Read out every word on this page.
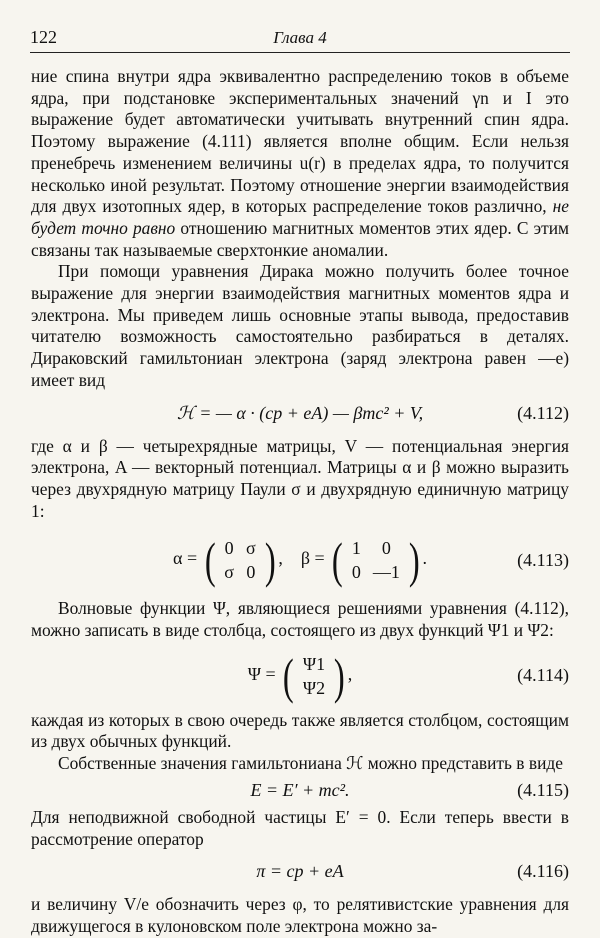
122	Глава 4

ние спина внутри ядра эквивалентно распределению токов в объеме ядра, при подстановке экспериментальных значений γn и I это выражение будет автоматически учитывать внутренний спин ядра. Поэтому выражение (4.111) является вполне общим. Если нельзя пренебречь изменением величины u(r) в пределах ядра, то получится несколько иной результат. Поэтому отношение энергии взаимодействия для двух изотопных ядер, в которых распределение токов различно, не будет точно равно отношению магнитных моментов этих ядер. С этим связаны так называемые сверхтонкие аномалии.

При помощи уравнения Дирака можно получить более точное выражение для энергии взаимодействия магнитных моментов ядра и электрона. Мы приведем лишь основные этапы вывода, предоставив читателю возможность самостоятельно разбираться в деталях. Дираковский гамильтониан электрона (заряд электрона равен —e) имеет вид

ℋ = — α · (cp + eA) — βmc² + V,	(4.112)

где α и β — четырехрядные матрицы, V — потенциальная энергия электрона, A — векторный потенциал. Матрицы α и β можно выразить через двухрядную матрицу Паули σ и двухрядную единичную матрицу 1:

α = ( 0	σ
σ	0 ) , β = ( 1	0
0	—1 ) .	(4.113)

Волновые функции Ψ, являющиеся решениями уравнения (4.112), можно записать в виде столбца, состоящего из двух функций Ψ1 и Ψ2:

Ψ = ( Ψ1
Ψ2 ) ,	(4.114)

каждая из которых в свою очередь также является столбцом, состоящим из двух обычных функций.

Собственные значения гамильтониана ℋ можно представить в виде

E = E′ + mc².	(4.115)

Для неподвижной свободной частицы E′ = 0. Если теперь ввести в рассмотрение оператор

π = cp + eA	(4.116)

и величину V/e обозначить через φ, то релятивистские уравнения для движущегося в кулоновском поле электрона можно за-
